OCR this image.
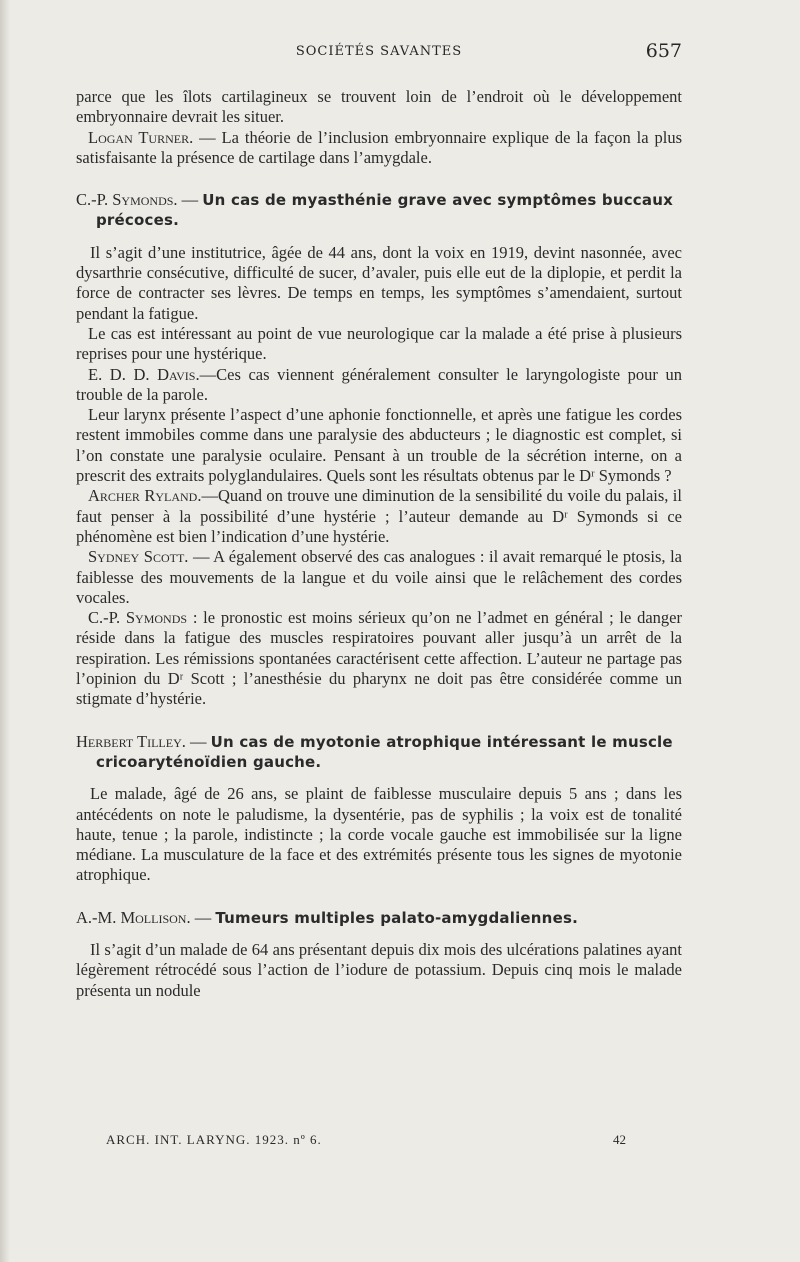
SOCIÉTÉS SAVANTES	657

parce que les îlots cartilagineux se trouvent loin de l’endroit où le développement embryonnaire devrait les situer.

Logan Turner. — La théorie de l’inclusion embryonnaire explique de la façon la plus satisfaisante la présence de cartilage dans l’amygdale.

C.-P. Symonds. — Un cas de myasthénie grave avec symptômes buccaux précoces.

Il s’agit d’une institutrice, âgée de 44 ans, dont la voix en 1919, devint nasonnée, avec dysarthrie consécutive, difficulté de sucer, d’avaler, puis elle eut de la diplopie, et perdit la force de contracter ses lèvres. De temps en temps, les symptômes s’amendaient, surtout pendant la fatigue.

Le cas est intéressant au point de vue neurologique car la malade a été prise à plusieurs reprises pour une hystérique.

E. D. D. Davis.—Ces cas viennent généralement consulter le laryngologiste pour un trouble de la parole.

Leur larynx présente l’aspect d’une aphonie fonctionnelle, et après une fatigue les cordes restent immobiles comme dans une paralysie des abducteurs ; le diagnostic est complet, si l’on constate une paralysie oculaire. Pensant à un trouble de la sécrétion interne, on a prescrit des extraits polyglandulaires. Quels sont les résultats obtenus par le Dʳ Symonds ?

Archer Ryland.—Quand on trouve une diminution de la sensibilité du voile du palais, il faut penser à la possibilité d’une hystérie ; l’auteur demande au Dʳ Symonds si ce phénomène est bien l’indication d’une hystérie.

Sydney Scott. — A également observé des cas analogues : il avait remarqué le ptosis, la faiblesse des mouvements de la langue et du voile ainsi que le relâchement des cordes vocales.

C.-P. Symonds : le pronostic est moins sérieux qu’on ne l’admet en général ; le danger réside dans la fatigue des muscles respiratoires pouvant aller jusqu’à un arrêt de la respiration. Les rémissions spontanées caractérisent cette affection. L’auteur ne partage pas l’opinion du Dʳ Scott ; l’anesthésie du pharynx ne doit pas être considérée comme un stigmate d’hystérie.

Herbert Tilley. — Un cas de myotonie atrophique intéressant le muscle cricoaryténoïdien gauche.

Le malade, âgé de 26 ans, se plaint de faiblesse musculaire depuis 5 ans ; dans les antécédents on note le paludisme, la dysentérie, pas de syphilis ; la voix est de tonalité haute, tenue ; la parole, indistincte ; la corde vocale gauche est immobilisée sur la ligne médiane. La musculature de la face et des extrémités présente tous les signes de myotonie atrophique.

A.-M. Mollison. — Tumeurs multiples palato-amygdaliennes.

Il s’agit d’un malade de 64 ans présentant depuis dix mois des ulcérations palatines ayant légèrement rétrocédé sous l’action de l’iodure de potassium. Depuis cinq mois le malade présenta un nodule

ARCH. INT. LARYNG. 1923. nº 6.	42
